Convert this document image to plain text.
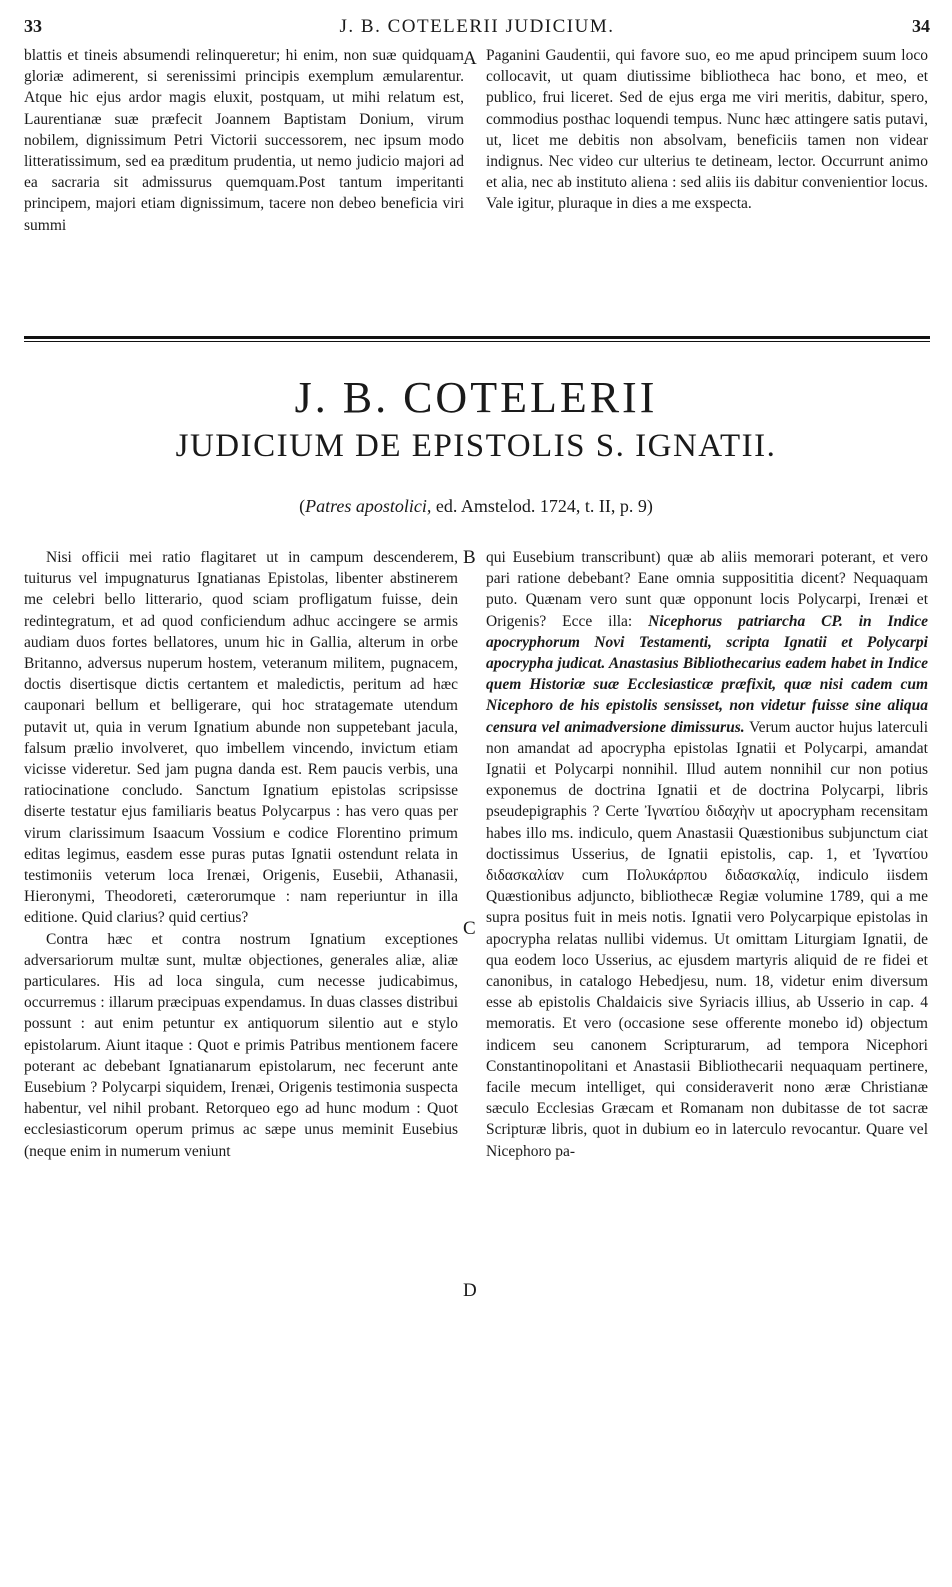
33	J. B. COTELERII JUDICIUM.	34
A
B
C
D

blattis et tineis absumendi relinqueretur; hi enim, non suæ quidquam gloriæ adimerent, si serenissimi principis exemplum æmularentur. Atque hic ejus ardor magis eluxit, postquam, ut mihi relatum est, Laurentianæ suæ præfecit Joannem Baptistam Donium, virum nobilem, dignissimum Petri Victorii successorem, nec ipsum modo litteratissimum, sed ea præditum prudentia, ut nemo judicio majori ad ea sacraria sit admissurus quemquam.Post tantum imperitanti principem, majori etiam dignissimum, tacere non debeo beneficia viri summi

Paganini Gaudentii, qui favore suo, eo me apud principem suum loco collocavit, ut quam diutissime bibliotheca hac bono, et meo, et publico, frui liceret. Sed de ejus erga me viri meritis, dabitur, spero, commodius posthac loquendi tempus. Nunc hæc attingere satis putavi, ut, licet me debitis non absolvam, beneficiis tamen non videar indignus. Nec video cur ulterius te detineam, lector. Occurrunt animo et alia, nec ab instituto aliena : sed aliis iis dabitur convenientior locus. Vale igitur, pluraque in dies a me exspecta.

J. B. COTELERII
JUDICIUM DE EPISTOLIS S. IGNATII.
(Patres apostolici, ed. Amstelod. 1724, t. II, p. 9)

Nisi officii mei ratio flagitaret ut in campum descenderem, tuiturus vel impugnaturus Ignatianas Epistolas, libenter abstinerem me celebri bello litterario, quod sciam profligatum fuisse, dein redintegratum, et ad quod conficiendum adhuc accingere se armis audiam duos fortes bellatores, unum hic in Gallia, alterum in orbe Britanno, adversus nuperum hostem, veteranum militem, pugnacem, doctis disertisque dictis certantem et maledictis, peritum ad hæc cauponari bellum et belligerare, qui hoc stratagemate utendum putavit ut, quia in verum Ignatium abunde non suppetebant jacula, falsum prælio involveret, quo imbellem vincendo, invictum etiam vicisse videretur. Sed jam pugna danda est. Rem paucis verbis, una ratiocinatione concludo. Sanctum Ignatium epistolas scripsisse diserte testatur ejus familiaris beatus Polycarpus : has vero quas per virum clarissimum Isaacum Vossium e codice Florentino primum editas legimus, easdem esse puras putas Ignatii ostendunt relata in testimoniis veterum loca Irenæi, Origenis, Eusebii, Athanasii, Hieronymi, Theodoreti, cæterorumque : nam reperiuntur in illa editione. Quid clarius? quid certius?

Contra hæc et contra nostrum Ignatium exceptiones adversariorum multæ sunt, multæ objectiones, generales aliæ, aliæ particulares. His ad loca singula, cum necesse judicabimus, occurremus : illarum præcipuas expendamus. In duas classes distribui possunt : aut enim petuntur ex antiquorum silentio aut e stylo epistolarum. Aiunt itaque : Quot e primis Patribus mentionem facere poterant ac debebant Ignatianarum epistolarum, nec fecerunt ante Eusebium ? Polycarpi siquidem, Irenæi, Origenis testimonia suspecta habentur, vel nihil probant. Retorqueo ego ad hunc modum : Quot ecclesiasticorum operum primus ac sæpe unus meminit Eusebius (neque enim in numerum veniunt

qui Eusebium transcribunt) quæ ab aliis memorari poterant, et vero pari ratione debebant? Eane omnia supposititia dicent? Nequaquam puto. Quænam vero sunt quæ opponunt locis Polycarpi, Irenæi et Origenis? Ecce illa: Nicephorus patriarcha CP. in Indice apocryphorum Novi Testamenti, scripta Ignatii et Polycarpi apocrypha judicat. Anastasius Bibliothecarius eadem habet in Indice quem Historiæ suæ Ecclesiasticæ præfixit, quæ nisi cadem cum Nicephoro de his epistolis sensisset, non videtur fuisse sine aliqua censura vel animadversione dimissurus. Verum auctor hujus laterculi non amandat ad apocrypha epistolas Ignatii et Polycarpi, amandat Ignatii et Polycarpi nonnihil. Illud autem nonnihil cur non potius exponemus de doctrina Ignatii et de doctrina Polycarpi, libris pseudepigraphis ? Certe Ἰγνατίου διδαχὴν ut apocrypham recensitam habes illo ms. indiculo, quem Anastasii Quæstionibus subjunctum ciat doctissimus Usserius, de Ignatii epistolis, cap. 1, et Ἰγνατίου διδασκαλίαν cum Πολυκάρπου διδασκαλίᾳ, indiculo iisdem Quæstionibus adjuncto, bibliothecæ Regiæ volumine 1789, qui a me supra positus fuit in meis notis. Ignatii vero Polycarpique epistolas in apocrypha relatas nullibi videmus. Ut omittam Liturgiam Ignatii, de qua eodem loco Usserius, ac ejusdem martyris aliquid de re fidei et canonibus, in catalogo Hebedjesu, num. 18, videtur enim diversum esse ab epistolis Chaldaicis sive Syriacis illius, ab Usserio in cap. 4 memoratis. Et vero (occasione sese offerente monebo id) objectum indicem seu canonem Scripturarum, ad tempora Nicephori Constantinopolitani et Anastasii Bibliothecarii nequaquam pertinere, facile mecum intelliget, qui consideraverit nono æræ Christianæ sæculo Ecclesias Græcam et Romanam non dubitasse de tot sacræ Scripturæ libris, quot in dubium eo in laterculo revocantur. Quare vel Nicephoro pa-
